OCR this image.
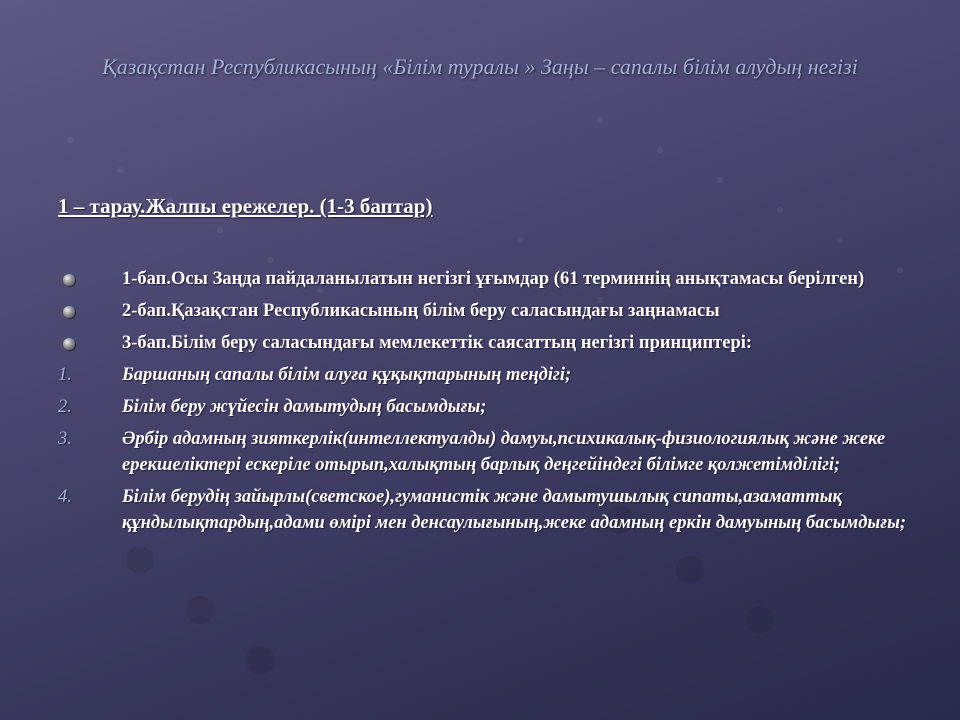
Қазақстан Республикасының «Білім туралы » Заңы – сапалы білім алудың негізі
1 – тарау.Жалпы ережелер. (1-3 баптар)
1-бап.Осы Заңда пайдаланылатын негізгі ұғымдар (61 терминнің анықтамасы берілген)
2-бап.Қазақстан Республикасының білім беру саласындағы заңнамасы
3-бап.Білім беру саласындағы мемлекеттік саясаттың негізгі принциптері:
1.	Баршаның сапалы білім алуға құқықтарының теңдігі;
2.	Білім беру жүйесін дамытудың басымдығы;
3.	Әрбір адамның зияткерлік(интеллектуалды) дамуы,психикалық-физиологиялық және жеке ерекшеліктері ескеріле отырып,халықтың барлық деңгейіндегі білімге қолжетімділігі;
4.	Білім берудің зайырлы(светское),гуманистік және дамытушылық сипаты,азаматтық құндылықтардың,адами өмірі мен денсаулығының,жеке адамның еркін дамуының басымдығы;
